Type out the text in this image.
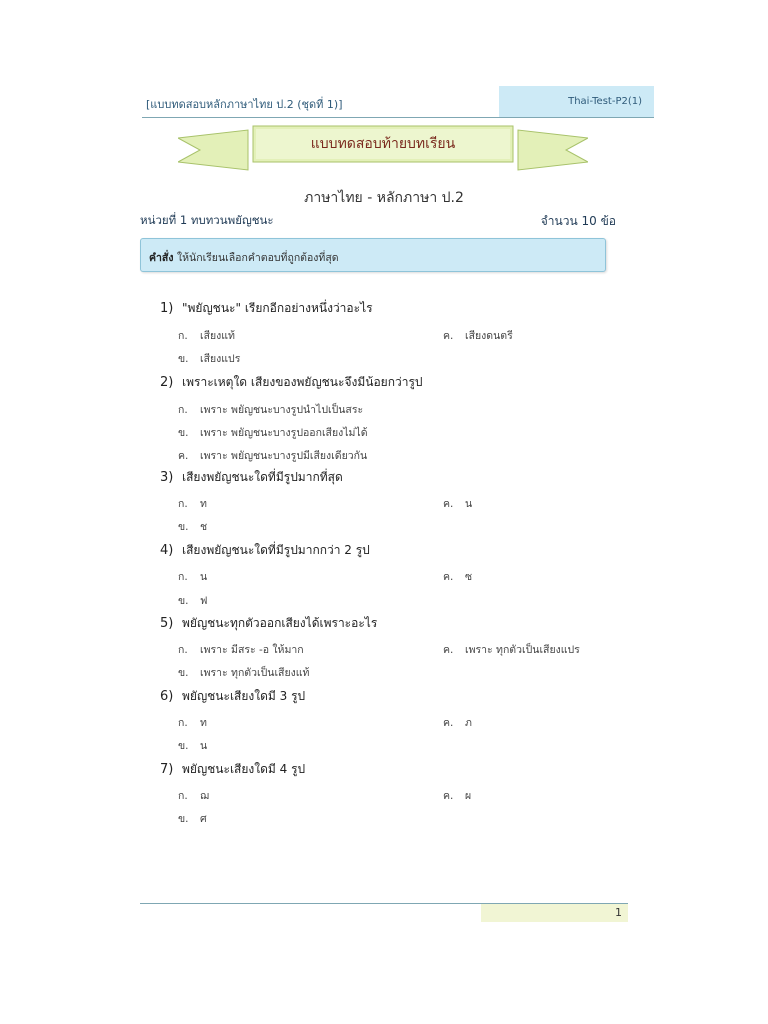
Thai-Test-P2(1)
[แบบทดสอบหลักภาษาไทย ป.2 (ชุดที่ 1)]
แบบทดสอบท้ายบทเรียน
ภาษาไทย - หลักภาษา ป.2
หน่วยที่ 1 ทบทวนพยัญชนะ	จำนวน 10 ข้อ
คำสั่ง ให้นักเรียนเลือกคำตอบที่ถูกต้องที่สุด
1) "พยัญชนะ" เรียกอีกอย่างหนึ่งว่าอะไร
ก. เสียงแท้	ค. เสียงดนตรี
ข. เสียงแปร
2) เพราะเหตุใด เสียงของพยัญชนะจึงมีน้อยกว่ารูป
ก. เพราะ พยัญชนะบางรูปนำไปเป็นสระ
ข. เพราะ พยัญชนะบางรูปออกเสียงไม่ได้
ค. เพราะ พยัญชนะบางรูปมีเสียงเดียวกัน
3) เสียงพยัญชนะใดที่มีรูปมากที่สุด
ก. ท	ค. น
ข. ช
4) เสียงพยัญชนะใดที่มีรูปมากกว่า 2 รูป
ก. น	ค. ซ
ข. ฟ
5) พยัญชนะทุกตัวออกเสียงได้เพราะอะไร
ก. เพราะ มีสระ -อ ให้มาก	ค. เพราะ ทุกตัวเป็นเสียงแปร
ข. เพราะ ทุกตัวเป็นเสียงแท้
6) พยัญชนะเสียงใดมี 3 รูป
ก. ท	ค. ภ
ข. น
7) พยัญชนะเสียงใดมี 4 รูป
ก. ฌ	ค. ผ
ข. ศ
1
